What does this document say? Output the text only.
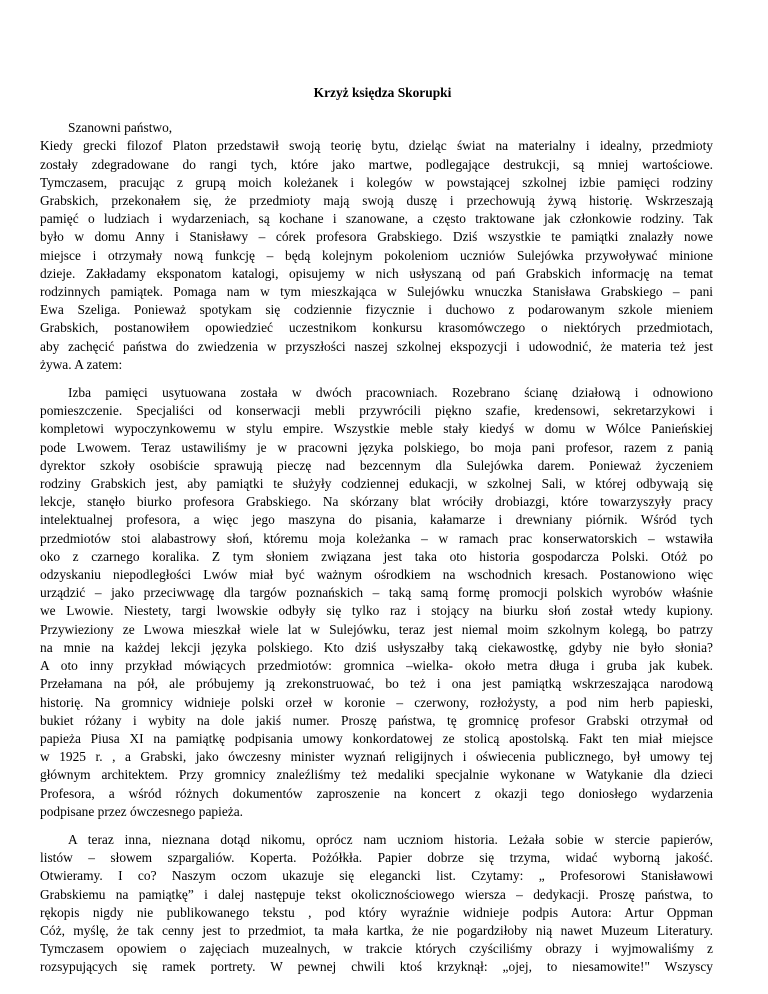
Krzyż księdza Skorupki
Szanowni państwo,
Kiedy grecki filozof Platon przedstawił swoją teorię bytu, dzieląc świat na materialny i idealny, przedmioty
zostały zdegradowane do rangi tych, które jako martwe, podlegające destrukcji, są mniej wartościowe.
Tymczasem, pracując z grupą moich koleżanek i kolegów w powstającej szkolnej izbie pamięci rodziny
Grabskich, przekonałem się, że przedmioty mają swoją duszę i przechowują żywą historię. Wskrzeszają
pamięć o ludziach i wydarzeniach, są kochane i szanowane, a często traktowane jak członkowie rodziny. Tak
było w domu Anny i Stanisławy – córek profesora Grabskiego. Dziś wszystkie te pamiątki znalazły nowe
miejsce i otrzymały nową funkcję – będą kolejnym pokoleniom uczniów Sulejówka przywoływać minione
dzieje. Zakładamy eksponatom katalogi, opisujemy w nich usłyszaną od pań Grabskich informację na temat
rodzinnych pamiątek. Pomaga nam w tym mieszkająca w Sulejówku wnuczka Stanisława Grabskiego – pani
Ewa Szeliga. Ponieważ spotykam się codziennie fizycznie i duchowo z podarowanym szkole mieniem
Grabskich, postanowiłem opowiedzieć uczestnikom konkursu krasomówczego o niektórych przedmiotach,
aby zachęcić państwa do zwiedzenia w przyszłości naszej szkolnej ekspozycji i udowodnić, że materia też jest
żywa. A zatem:
Izba pamięci usytuowana została w dwóch pracowniach. Rozebrano ścianę działową i odnowiono
pomieszczenie. Specjaliści od konserwacji mebli przywrócili piękno szafie, kredensowi, sekretarzykowi i
kompletowi wypoczynkowemu w stylu empire. Wszystkie meble stały kiedyś w domu w Wólce Panieńskiej
pode Lwowem. Teraz ustawiliśmy je w pracowni języka polskiego, bo moja pani profesor, razem z panią
dyrektor szkoły osobiście sprawują pieczę nad bezcennym dla Sulejówka darem. Ponieważ życzeniem
rodziny Grabskich jest, aby pamiątki te służyły codziennej edukacji, w szkolnej Sali, w której odbywają się
lekcje, stanęło biurko profesora Grabskiego. Na skórzany blat wróciły drobiazgi, które towarzyszyły pracy
intelektualnej profesora, a więc jego maszyna do pisania, kałamarze i drewniany piórnik. Wśród tych
przedmiotów stoi alabastrowy słoń, któremu moja koleżanka – w ramach prac konserwatorskich – wstawiła
oko z czarnego koralika. Z tym słoniem związana jest taka oto historia gospodarcza Polski. Otóż po
odzyskaniu niepodległości Lwów miał być ważnym ośrodkiem na wschodnich kresach. Postanowiono więc
urządzić – jako przeciwwagę dla targów poznańskich – taką samą formę promocji polskich wyrobów właśnie
we Lwowie. Niestety, targi lwowskie odbyły się tylko raz i stojący na biurku słoń został wtedy kupiony.
Przywieziony ze Lwowa mieszkał wiele lat w Sulejówku, teraz jest niemal moim szkolnym kolegą, bo patrzy
na mnie na każdej lekcji języka polskiego. Kto dziś usłyszałby taką ciekawostkę, gdyby nie było słonia?
A oto inny przykład mówiących przedmiotów: gromnica –wielka- około metra długa i gruba jak kubek.
Przełamana na pół, ale próbujemy ją zrekonstruować, bo też i ona jest pamiątką wskrzeszająca narodową
historię. Na gromnicy widnieje polski orzeł w koronie – czerwony, rozłożysty, a pod nim herb papieski,
bukiet różany i wybity na dole jakiś numer. Proszę państwa, tę gromnicę profesor Grabski otrzymał od
papieża Piusa XI na pamiątkę podpisania umowy konkordatowej ze stolicą apostolską. Fakt ten miał miejsce
w 1925 r. , a Grabski, jako ówczesny minister wyznań religijnych i oświecenia publicznego, był umowy tej
głównym architektem. Przy gromnicy znaleźliśmy też medaliki specjalnie wykonane w Watykanie dla dzieci
Profesora, a wśród różnych dokumentów zaproszenie na koncert z okazji tego doniosłego wydarzenia
podpisane przez ówczesnego papieża.
A teraz inna, nieznana dotąd nikomu, oprócz nam uczniom historia. Leżała sobie w stercie papierów,
listów – słowem szpargaliów. Koperta. Pożółkła. Papier dobrze się trzyma, widać wyborną jakość.
Otwieramy. I co? Naszym oczom ukazuje się elegancki list. Czytamy: „ Profesorowi Stanisławowi
Grabskiemu na pamiątkę” i dalej następuje tekst okolicznościowego wiersza – dedykacji. Proszę państwa, to
rękopis nigdy nie publikowanego tekstu , pod który wyraźnie widnieje podpis Autora: Artur Oppman
Cóż, myślę, że tak cenny jest to przedmiot, ta mała kartka, że nie pogardziłoby nią nawet Muzeum Literatury.
Tymczasem opowiem o zajęciach muzealnych, w trakcie których czyściliśmy obrazy i wyjmowaliśmy z
rozsypujących się ramek portrety. W pewnej chwili ktoś krzyknął: „ojej, to niesamowite!" Wszyscy
